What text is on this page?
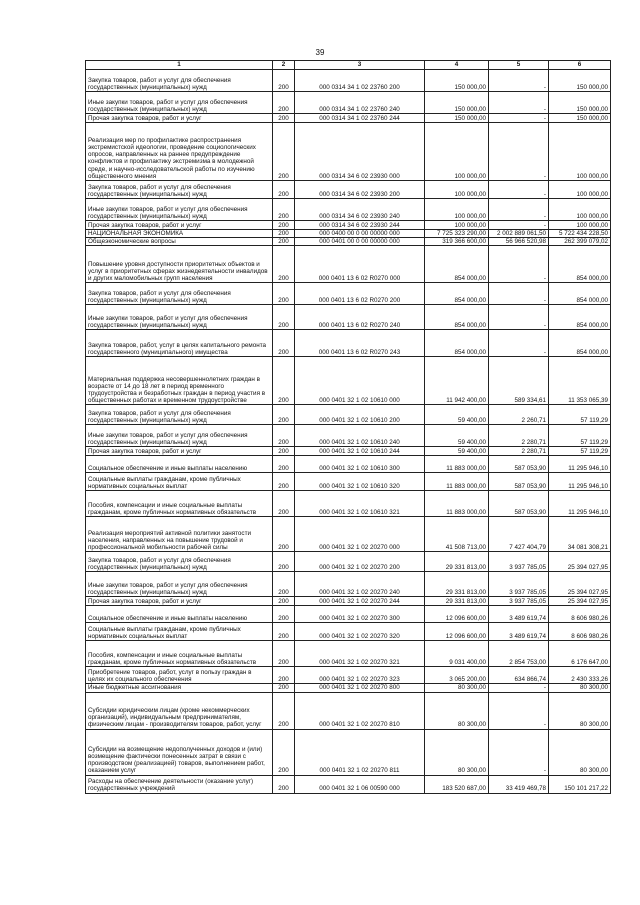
39
1	2	3	4	5	6
Закупка товаров, работ и услуг для обеспечения государственных (муниципальных) нужд	200	000 0314 34 1 02 23760 200	150 000,00	-	150 000,00
Иные закупки товаров, работ и услуг для обеспечения государственных (муниципальных) нужд	200	000 0314 34 1 02 23760 240	150 000,00	-	150 000,00
Прочая закупка товаров, работ и услуг	200	000 0314 34 1 02 23760 244	150 000,00	-	150 000,00
Реализация мер по профилактике распространения экстремистской идеологии, проведение социологических опросов, направленных на раннее предупреждение конфликтов и профилактику экстремизма в молодежной среде, и научно-исследовательской работы по изучению общественного мнения	200	000 0314 34 6 02 23930 000	100 000,00	-	100 000,00
Закупка товаров, работ и услуг для обеспечения государственных (муниципальных) нужд	200	000 0314 34 6 02 23930 200	100 000,00	-	100 000,00
Иные закупки товаров, работ и услуг для обеспечения государственных (муниципальных) нужд	200	000 0314 34 6 02 23930 240	100 000,00	-	100 000,00
Прочая закупка товаров, работ и услуг	200	000 0314 34 6 02 23930 244	100 000,00	-	100 000,00
НАЦИОНАЛЬНАЯ ЭКОНОМИКА	200	000 0400 00 0 00 00000 000	7 725 323 290,00	2 002 889 061,50	5 722 434 228,50
Общеэкономические вопросы	200	000 0401 00 0 00 00000 000	319 366 600,00	56 966 520,98	262 399 079,02
Повышение уровня доступности приоритетных объектов и услуг в приоритетных сферах жизнедеятельности инвалидов и других маломобильных групп населения	200	000 0401 13 6 02 R0270 000	854 000,00	-	854 000,00
Закупка товаров, работ и услуг для обеспечения государственных (муниципальных) нужд	200	000 0401 13 6 02 R0270 200	854 000,00	-	854 000,00
Иные закупки товаров, работ и услуг для обеспечения государственных (муниципальных) нужд	200	000 0401 13 6 02 R0270 240	854 000,00	-	854 000,00
Закупка товаров, работ, услуг в целях капитального ремонта государственного (муниципального) имущества	200	000 0401 13 6 02 R0270 243	854 000,00	-	854 000,00
Материальная поддержка несовершеннолетних граждан в возрасте от 14 до 18 лет в период временного трудоустройства и безработных граждан в период участия в общественных работах и временном трудоустройстве	200	000 0401 32 1 02 10610 000	11 942 400,00	589 334,61	11 353 065,39
Закупка товаров, работ и услуг для обеспечения государственных (муниципальных) нужд	200	000 0401 32 1 02 10610 200	59 400,00	2 260,71	57 119,29
Иные закупки товаров, работ и услуг для обеспечения государственных (муниципальных) нужд	200	000 0401 32 1 02 10610 240	59 400,00	2 280,71	57 119,29
Прочая закупка товаров, работ и услуг	200	000 0401 32 1 02 10610 244	59 400,00	2 280,71	57 119,29
Социальное обеспечение и иные выплаты населению	200	000 0401 32 1 02 10610 300	11 883 000,00	587 053,90	11 295 946,10
Социальные выплаты гражданам, кроме публичных нормативных социальных выплат	200	000 0401 32 1 02 10610 320	11 883 000,00	587 053,90	11 295 946,10
Пособия, компенсации и иные социальные выплаты гражданам, кроме публичных нормативных обязательств	200	000 0401 32 1 02 10610 321	11 883 000,00	587 053,90	11 295 946,10
Реализация мероприятий активной политики занятости населения, направленных на повышение трудовой и профессиональной мобильности рабочей силы	200	000 0401 32 1 02 20270 000	41 508 713,00	7 427 404,79	34 081 308,21
Закупка товаров, работ и услуг для обеспечения государственных (муниципальных) нужд	200	000 0401 32 1 02 20270 200	29 331 813,00	3 937 785,05	25 394 027,95
Иные закупки товаров, работ и услуг для обеспечения государственных (муниципальных) нужд	200	000 0401 32 1 02 20270 240	29 331 813,00	3 937 785,05	25 394 027,95
Прочая закупка товаров, работ и услуг	200	000 0401 32 1 02 20270 244	29 331 813,00	3 937 785,05	25 394 027,95
Социальное обеспечение и иные выплаты населению	200	000 0401 32 1 02 20270 300	12 096 600,00	3 489 619,74	8 606 980,26
Социальные выплаты гражданам, кроме публичных нормативных социальных выплат	200	000 0401 32 1 02 20270 320	12 096 600,00	3 489 619,74	8 606 980,26
Пособия, компенсации и иные социальные выплаты гражданам, кроме публичных нормативных обязательств	200	000 0401 32 1 02 20270 321	9 031 400,00	2 854 753,00	6 176 647,00
Приобретение товаров, работ, услуг в пользу граждан в целях их социального обеспечения	200	000 0401 32 1 02 20270 323	3 065 200,00	634 866,74	2 430 333,26
Иные бюджетные ассигнования	200	000 0401 32 1 02 20270 800	80 300,00	-	80 300,00
Субсидии юридическим лицам (кроме некоммерческих организаций), индивидуальным предпринимателям, физическим лицам - производителям товаров, работ, услуг	200	000 0401 32 1 02 20270 810	80 300,00	-	80 300,00
Субсидии на возмещение недополученных доходов и (или) возмещение фактически понесенных затрат в связи с производством (реализацией) товаров, выполнением работ, оказанием услуг	200	000 0401 32 1 02 20270 811	80 300,00	-	80 300,00
Расходы на обеспечение деятельности (оказание услуг) государственных учреждений	200	000 0401 32 1 06 00590 000	183 520 687,00	33 419 469,78	150 101 217,22
